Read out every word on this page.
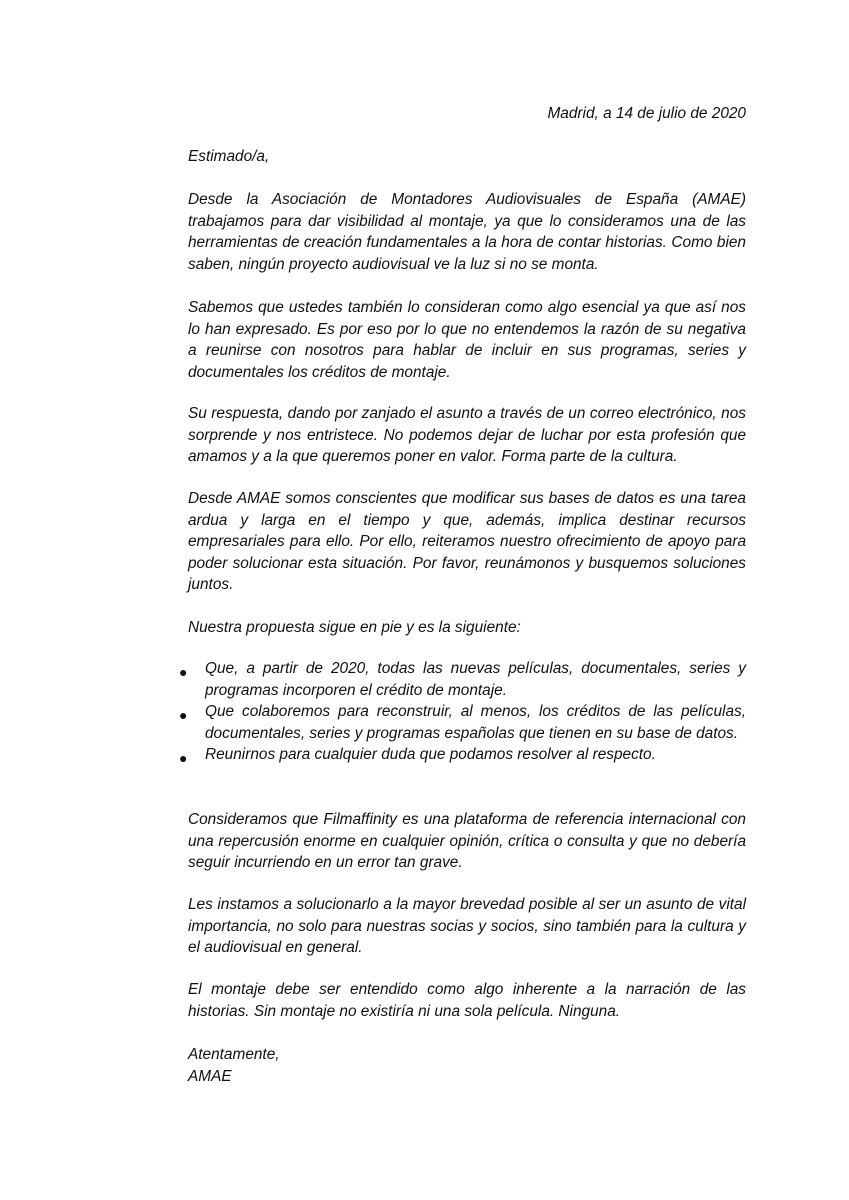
Madrid, a 14 de julio de 2020

Estimado/a,

Desde la Asociación de Montadores Audiovisuales de España (AMAE) trabajamos para dar visibilidad al montaje, ya que lo consideramos una de las herramientas de creación fundamentales a la hora de contar historias. Como bien saben, ningún proyecto audiovisual ve la luz si no se monta.

Sabemos que ustedes también lo consideran como algo esencial ya que así nos lo han expresado. Es por eso por lo que no entendemos la razón de su negativa a reunirse con nosotros para hablar de incluir en sus programas, series y documentales los créditos de montaje.

Su respuesta, dando por zanjado el asunto a través de un correo electrónico, nos sorprende y nos entristece. No podemos dejar de luchar por esta profesión que amamos y a la que queremos poner en valor. Forma parte de la cultura.

Desde AMAE somos conscientes que modificar sus bases de datos es una tarea ardua y larga en el tiempo y que, además, implica destinar recursos empresariales para ello. Por ello, reiteramos nuestro ofrecimiento de apoyo para poder solucionar esta situación. Por favor, reunámonos y busquemos soluciones juntos.

Nuestra propuesta sigue en pie y es la siguiente:

● Que, a partir de 2020, todas las nuevas películas, documentales, series y programas incorporen el crédito de montaje.
● Que colaboremos para reconstruir, al menos, los créditos de las películas, documentales, series y programas españolas que tienen en su base de datos.
● Reunirnos para cualquier duda que podamos resolver al respecto.

Consideramos que Filmaffinity es una plataforma de referencia internacional con una repercusión enorme en cualquier opinión, crítica o consulta y que no debería seguir incurriendo en un error tan grave.

Les instamos a solucionarlo a la mayor brevedad posible al ser un asunto de vital importancia, no solo para nuestras socias y socios, sino también para la cultura y el audiovisual en general.

El montaje debe ser entendido como algo inherente a la narración de las historias. Sin montaje no existiría ni una sola película. Ninguna.

Atentamente,

AMAE
